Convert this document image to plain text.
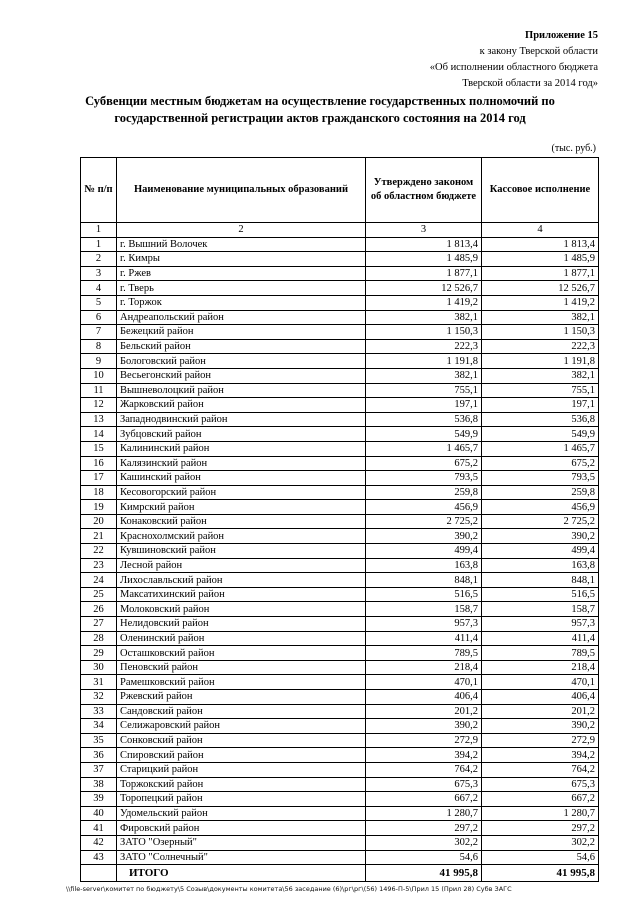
Приложение 15
к закону Тверской области
«Об исполнении областного бюджета
Тверской области за 2014 год»
Субвенции местным бюджетам на осуществление государственных полномочий по
государственной регистрации актов гражданского состояния на 2014 год
(тыс. руб.)
№ п/п	Наименование муниципальных образований	Утверждено законом об областном бюджете	Кассовое исполнение
1	2	3	4
1	г. Вышний Волочек	1 813,4	1 813,4
2	г. Кимры	1 485,9	1 485,9
3	г. Ржев	1 877,1	1 877,1
4	г. Тверь	12 526,7	12 526,7
5	г. Торжок	1 419,2	1 419,2
6	Андреапольский район	382,1	382,1
7	Бежецкий район	1 150,3	1 150,3
8	Бельский район	222,3	222,3
9	Бологовский район	1 191,8	1 191,8
10	Весьегонский район	382,1	382,1
11	Вышневолоцкий район	755,1	755,1
12	Жарковский район	197,1	197,1
13	Западнодвинский район	536,8	536,8
14	Зубцовский район	549,9	549,9
15	Калининский район	1 465,7	1 465,7
16	Калязинский район	675,2	675,2
17	Кашинский район	793,5	793,5
18	Кесовогорский район	259,8	259,8
19	Кимрский район	456,9	456,9
20	Конаковский район	2 725,2	2 725,2
21	Краснохолмский район	390,2	390,2
22	Кувшиновский район	499,4	499,4
23	Лесной район	163,8	163,8
24	Лихославльский район	848,1	848,1
25	Максатихинский район	516,5	516,5
26	Молоковский район	158,7	158,7
27	Нелидовский район	957,3	957,3
28	Оленинский район	411,4	411,4
29	Осташковский район	789,5	789,5
30	Пеновский район	218,4	218,4
31	Рамешковский район	470,1	470,1
32	Ржевский район	406,4	406,4
33	Сандовский район	201,2	201,2
34	Селижаровский район	390,2	390,2
35	Сонковский район	272,9	272,9
36	Спировский район	394,2	394,2
37	Старицкий район	764,2	764,2
38	Торжокский район	675,3	675,3
39	Торопецкий район	667,2	667,2
40	Удомельский район	1 280,7	1 280,7
41	Фировский район	297,2	297,2
42	ЗАТО "Озерный"	302,2	302,2
43	ЗАТО "Солнечный"	54,6	54,6
	ИТОГО	41 995,8	41 995,8
\\file-server\комитет по бюджету\5 Созыв\документы комитета\56 заседание (6)\рг\рг\(56) 1496-П-5\Прил 15 (Прил 28) Субв ЗАГС
